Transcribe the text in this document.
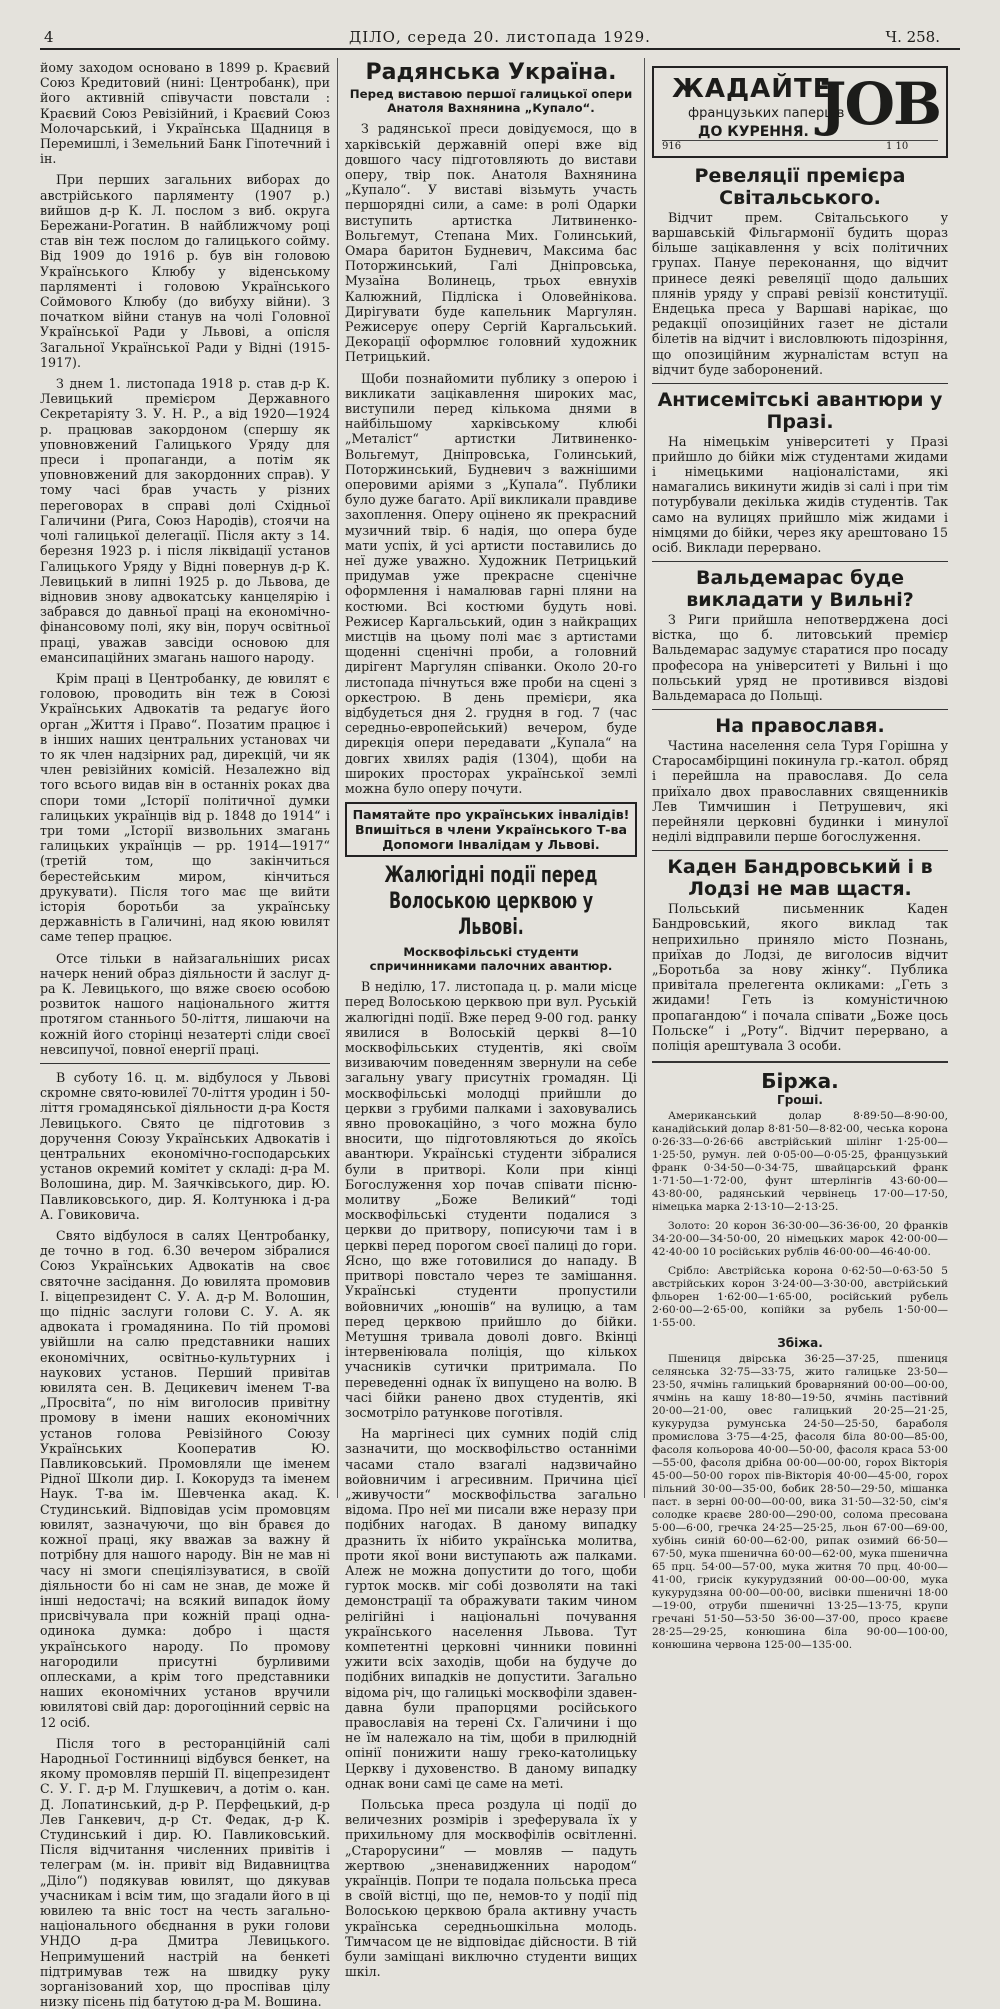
4	ДІЛО, середа 20. листопада 1929.	Ч. 258.

йому заходом основано в 1899 р. Краєвий Союз Кредитовий (нині: Центробанк), при його активній співучасти повстали : Краєвий Союз Ревізійний, і Краєвий Союз Молочарський, і Українська Щадниця в Перемишлі, і Земельний Банк Гіпотечний і ін.

При перших загальних виборах до австрійського парляменту (1907 р.) вийшов д-р К. Л. послом з виб. округа Бережани-Рогатин. В найближчому році став він теж послом до галицького сойму. Від 1909 до 1916 р. був він головою Українського Клюбу у віденському парляменті і головою Українського Соймового Клюбу (до вибуху війни). З початком війни станув на чолі Головної Української Ради у Львові, а опісля Загальної Української Ради у Відні (1915-1917).

З днем 1. листопада 1918 р. став д-р К. Левицький премієром Державного Секретаріяту З. У. Н. Р., а від 1920—1924 р. працював закордоном (спершу як уповновжений Галицького Уряду для преси і пропаганди, а потім як уповновжений для закордонних справ). У тому часі брав участь у різних переговорах в справі долі Східньої Галичини (Рига, Союз Народів), стоячи на чолі галицької делегації. Після акту з 14. березня 1923 р. і після ліквідації установ Галицького Уряду у Відні повернув д-р К. Левицький в липні 1925 р. до Львова, де відновив знову адвокатську канцелярію і забрався до давньої праці на економічно-фінансовому полі, яку він, поруч освітньої праці, уважав завсіди основою для емансипаційних змагань нашого народу.

Крім праці в Центробанку, де ювилят є головою, проводить він теж в Союзі Українських Адвокатів та редагує його орган „Життя і Право“. Позатим працює і в інших наших центральних установах чи то як член надзірних рад, дирекцій, чи як член ревізійних комісій. Незалежно від того всього видав він в останніх роках два спори томи „Історії політичної думки галицьких українців від р. 1848 до 1914“ і три томи „Історії визвольних змагань галицьких українців — рр. 1914—1917“ (третій том, що закінчиться берестейським миром, кінчиться друкувати). Після того має ще вийти історія боротьби за українську державність в Галичині, над якою ювилят саме тепер працює.

Отсе тільки в найзагальніших рисах начерк нений образ діяльности й заслуг д-ра К. Левицького, що вяже своєю особою розвиток нашого національного життя протягом станнього 50-ліття, лишаючи на кожній його сторінці незатерті сліди своєї невсипучої, повної енергії праці.

В суботу 16. ц. м. відбулося у Львові скромне свято-ювилеї 70-ліття уродин і 50-ліття громадянської діяльности д-ра Костя Левицького. Свято це підготовив з доручення Союзу Українських Адвокатів і центральних економічно-господарських установ окремий комітет у складі: д-ра М. Волошина, дир. М. Заячківського, дир. Ю. Павликовського, дир. Я. Колтунюка і д-ра А. Говиковича.

Свято відбулося в салях Центробанку, де точно в год. 6.30 вечером зібралися Союз Українських Адвокатів на своє святочне засідання. До ювилята промовив І. віцепрезидент С. У. А. д-р М. Волошин, що підніс заслуги голови С. У. А. як адвоката і громадянина. По тій промові увійшли на салю представники наших економічних, освітньо-культурних і наукових установ. Перший привітав ювилята сен. В. Децикевич іменем Т-ва „Просвіта“, по нім виголосив привітну промову в імени наших економічних установ голова Ревізійного Союзу Українських Кооператив Ю. Павликовський. Промовляли ще іменем Рідної Школи дир. І. Кокорудз та іменем Наук. Т-ва ім. Шевченка акад. К. Студинський. Відповідав усім промовцям ювилят, зазначуючи, що він бравєя до кожної праці, яку вважав за важну й потрібну для нашого народу. Він не мав ні часу ні змоги спеціялізуватися, в своїй діяльности бо ні сам не знав, де може й інші недостачі; на всякий випадок йому присвічувала при кожній праці одна-одинока думка: добро і щастя українського народу. По промову нагородили присутні бурливими оплесками, а крім того представники наших економічних установ вручили ювилятові свій дар: дорогоцінний сервіс на 12 осіб.

Після того в ресторанційній салі Народньої Гостинниці відбувся бенкет, на якому промовляв першій П. віцепрезидент С. У. Г. д-р М. Глушкевич, а дотім о. кан. Д. Лопатинський, д-р Р. Перфецький, д-р Лев Ганкевич, д-р Ст. Федак, д-р К. Студинський і дир. Ю. Павликовський. Після відчитання численних привітів і телеграм (м. ін. привіт від Видавництва „Діло“) подякував ювилят, що дякував учасникам і всім тим, що згадали його в ці ювилею та вніс тост на честь загально-національного обєднання в руки голови УНДО д-ра Дмитра Левицького. Непримушений настрій на бенкеті підтримував теж на швидку руку зорганізований хор, що проспівав цілу низку пісень під батутою д-ра М. Вошина.

Радянська Україна.
Перед виставою першої галицької опери Анатоля Вахнянина „Купало“.

З радянської преси довідуємося, що в харківській державній опері вже від довшого часу підготовляють до вистави оперу, твір пок. Анатоля Вахнянина „Купало“. У виставі візьмуть участь першорядні сили, а саме: в ролі Одарки виступить артистка Литвиненко-Вольгемут, Степана Мих. Голинський, Омара баритон Будневич, Максима бас Поторжинський, Галі Дніпровська, Музаїна Волинець, трьох евнухів Калюжний, Підліска і Оловейнікова. Дирігувати буде капельник Маргулян. Режисерує оперу Сергій Каргальський. Декорації оформлює головний художник Петрицький.

Щоби познайомити публику з оперою і викликати зацікавлення широких мас, виступили перед кількома днями в найбільшому харківському клюбі „Металіст“ артистки Литвиненко-Вольгемут, Дніпровська, Голинський, Поторжинський, Будневич з важнішими оперовими аріями з „Купала“. Публики було дуже багато. Арії викликали правдиве захоплення. Оперу оцінено як прекрасний музичний твір. 6 надія, що опера буде мати успіх, й усі артисти поставились до неї дуже уважно. Художник Петрицький придумав уже прекрасне сценічне оформлення і намалював гарні пляни на костюми. Всі костюми будуть нові. Режисер Каргальський, один з найкращих мистців на цьому полі має з артистами щоденні сценічні проби, а головний дирігент Маргулян співанки. Около 20-го листопада пічнуться вже проби на сцені з оркестрою. В день премієри, яка відбудеться дня 2. грудня в год. 7 (час середньо-европейський) вечером, буде дирекція опери передавати „Купала“ на довгих хвилях радія (1304), щоби на широких просторах української землі можна було оперу почути.

Памятайте про українських інвалідів! Впишіться в члени Українського Т-ва Допомоги Інвалідам у Львові.
Жалюгідні події перед Волоською церквою у Львові.
Москвофільські студенти спричинниками палочних авантюр.

В неділю, 17. листопада ц. р. мали місце перед Волоською церквою при вул. Руській жалюгідні події. Вже перед 9-00 год. ранку явилися в Волоській церкві 8—10 москвофільських студентів, які своїм визиваючим поведенням звернули на себе загальну увагу присутніх громадян. Ці москвофільські молодці прийшли до церкви з грубими палками і заховувались явно провокаційно, з чого можна було вносити, що підготовляються до якоїсь авантюри. Українські студенти зібралися були в притворі. Коли при кінці Богослуження хор почав співати пісню-молитву „Боже Великий“ тоді москвофільські студенти подалися з церкви до притвору, пописуючи там і в церкві перед порогом своєї палиці до гори. Ясно, що вже готовилися до нападу. В притворі повстало через те замішання. Українські студенти пропустили войовничих „юношів“ на вулицю, а там перед церквою прийшло до бійки. Метушня тривала доволі довго. Вкінці інтервеніювала поліція, що кількох учасників сутички притримала. По переведенні однак їх випущено на волю. В часі бійки ранено двох студентів, які зосмотріло ратункове поготівля.

На маргінесі цих сумних подій слід зазначити, що москвофільство останніми часами стало взагалі надзвичайно войовничим і агресивним. Причина цієї „живучости“ москвофільства загально відома. Про неї ми писали вже неразу при подібних нагодах. В даному випадку дразнить їх нібито українська молитва, проти якої вони виступають аж палками. Алеж не можна допустити до того, щоби гурток москв. міг собі дозволяти на такі демонстрації та ображувати таким чином релігійні і національні почування українського населення Львова. Тут компетентні церковні чинники повинні ужити всіх заходів, щоби на будуче до подібних випадків не допустити. Загально відома річ, що галицькі москвофіли здавен-давна були прапорцями російського православія на терені Сх. Галичини і що не їм належало на тім, щоби в прилюдній опінії понижити нашу греко-католицьку Церкву і духовенство. В даному випадку однак вони самі це саме на меті.

Польська преса роздула ці події до величезних розмірів і зреферувала їх у прихильному для москвофілів освітленні. „Старорусини“ — мовляв — падуть жертвою „зненавидженних народом“ українців. Попри те подала польська преса в своїй вістці, що пе, немов-то у події під Волоською церквою брала активну участь українська середньошкільна молодь. Тимчасом це не відповідає дійсности. В тій були заміщані виключно студенти вищих шкіл.

ЖАДАЙТЕ
французьких паперців
ДО КУРЕННЯ. JOB
916	1 10
Ревеляції премієра Світальського.

Відчит прем. Світальського у варшавській Фільгармонії будить щораз більше зацікавлення у всіх політичних групах. Пануе переконання, що відчит принесе деякі ревеляції щодо дальших плянів уряду у справі ревізії конституції. Ендецька преса у Варшаві нарікає, що редакції опозиційних газет не дістали білетів на відчит і висловлюють підозріння, що опозиційним журналістам вступ на відчит буде заборонений.

Антисемітські авантюри у Празі.

На німецькім університеті у Празі прийшло до бійки між студентами жидами і німецькими націоналістами, які намагались викинути жидів зі салі і при тім потурбували декілька жидів студентів. Так само на вулицях прийшло між жидами і німцями до бійки, через яку арештовано 15 осіб. Виклади перервано.

Вальдемарас буде викладати у Вильні?

З Риги прийшла непотверджена досі вістка, що б. литовський премієр Вальдемарас задумує старатися про посаду професора на університеті у Вильні і що польський уряд не противився віздові Вальдемараса до Польщі.

На православя.

Частина населення села Туря Горішна у Старосамбірщині покинула гр.-катол. обряд і перейшла на православя. До села приїхало двох православних священників Лев Тимчишин і Петрушевич, які перейняли церковні будинки і минулої неділі відправили перше богослуження.

Каден Бандровський і в Лодзі не мав щастя.

Польський письменник Каден Бандровський, якого виклад так неприхильно приняло місто Познань, приїхав до Лодзі, де виголосив відчит „Боротьба за нову жінку“. Публика привітала прелегента окликами: „Геть з жидами! Геть із комуністичною пропагандою“ і почала співати „Боже цось Польске“ і „Роту“. Відчит перервано, а поліція арештувала 3 особи.

Біржа.
Гроші.

Американський долар 8·89·50—8·90·00, канадійський долар 8·81·50—8·82·00, чеська корона 0·26·33—0·26·66 австрійський шілінг 1·25·00—1·25·50, румун. лей 0·05·00—0·05·25, французький франк 0·34·50—0·34·75, швайцарський франк 1·71·50—1·72·00, фунт штерлінгів 43·60·00—43·80·00, радянський червінець 17·00—17·50, німецька марка 2·13·10—2·13·25.

Золото: 20 корон 36·30·00—36·36·00, 20 франків 34·20·00—34·50·00, 20 німецьких марок 42·00·00—42·40·00 10 російських рублів 46·00·00—46·40·00.

Срібло: Австрійська корона 0·62·50—0·63·50 5 австрійських корон 3·24·00—3·30·00, австрійський фльорен 1·62·00—1·65·00, російський рубель 2·60·00—2·65·00, копійки за рубель 1·50·00—1·55·00.

Збіжа.

Пшениця двірська 36·25—37·25, пшениця селянська 32·75—33·75, жито галицьке 23·50—23·50, ячмінь галицький броварняний 00·00—00·00, ячмінь на кашу 18·80—19·50, ячмінь пастівний 20·00—21·00, овес галицький 20·25—21·25, кукурудза румунська 24·50—25·50, бараболя промислова 3·75—4·25, фасоля біла 80·00—85·00, фасоля кольорова 40·00—50·00, фасоля краса 53·00—55·00, фасоля дрібна 00·00—00·00, горох Вікторія 45·00—50·00 горох пів-Вікторія 40·00—45·00, горох пільний 30·00—35·00, бобик 28·50—29·50, мішанка паст. в зерні 00·00—00·00, вика 31·50—32·50, сім'я солодке краєве 280·00—290·00, солома пресована 5·00—6·00, гречка 24·25—25·25, льон 67·00—69·00, хубінь синій 60·00—62·00, рипак озимий 66·50—67·50, мука пшенична 60·00—62·00, мука пшенична 65 прц. 54·00—57·00, мука житня 70 прц. 40·00—41·00, грисік кукурудзяний 00·00—00·00, мука кукурудзяна 00·00—00·00, висівки пшеничні 18·00—19·00, отруби пшеничні 13·25—13·75, крупи гречані 51·50—53·50 36·00—37·00, просо краєве 28·25—29·25, конюшина біла 90·00—100·00, конюшина червона 125·00—135·00.
